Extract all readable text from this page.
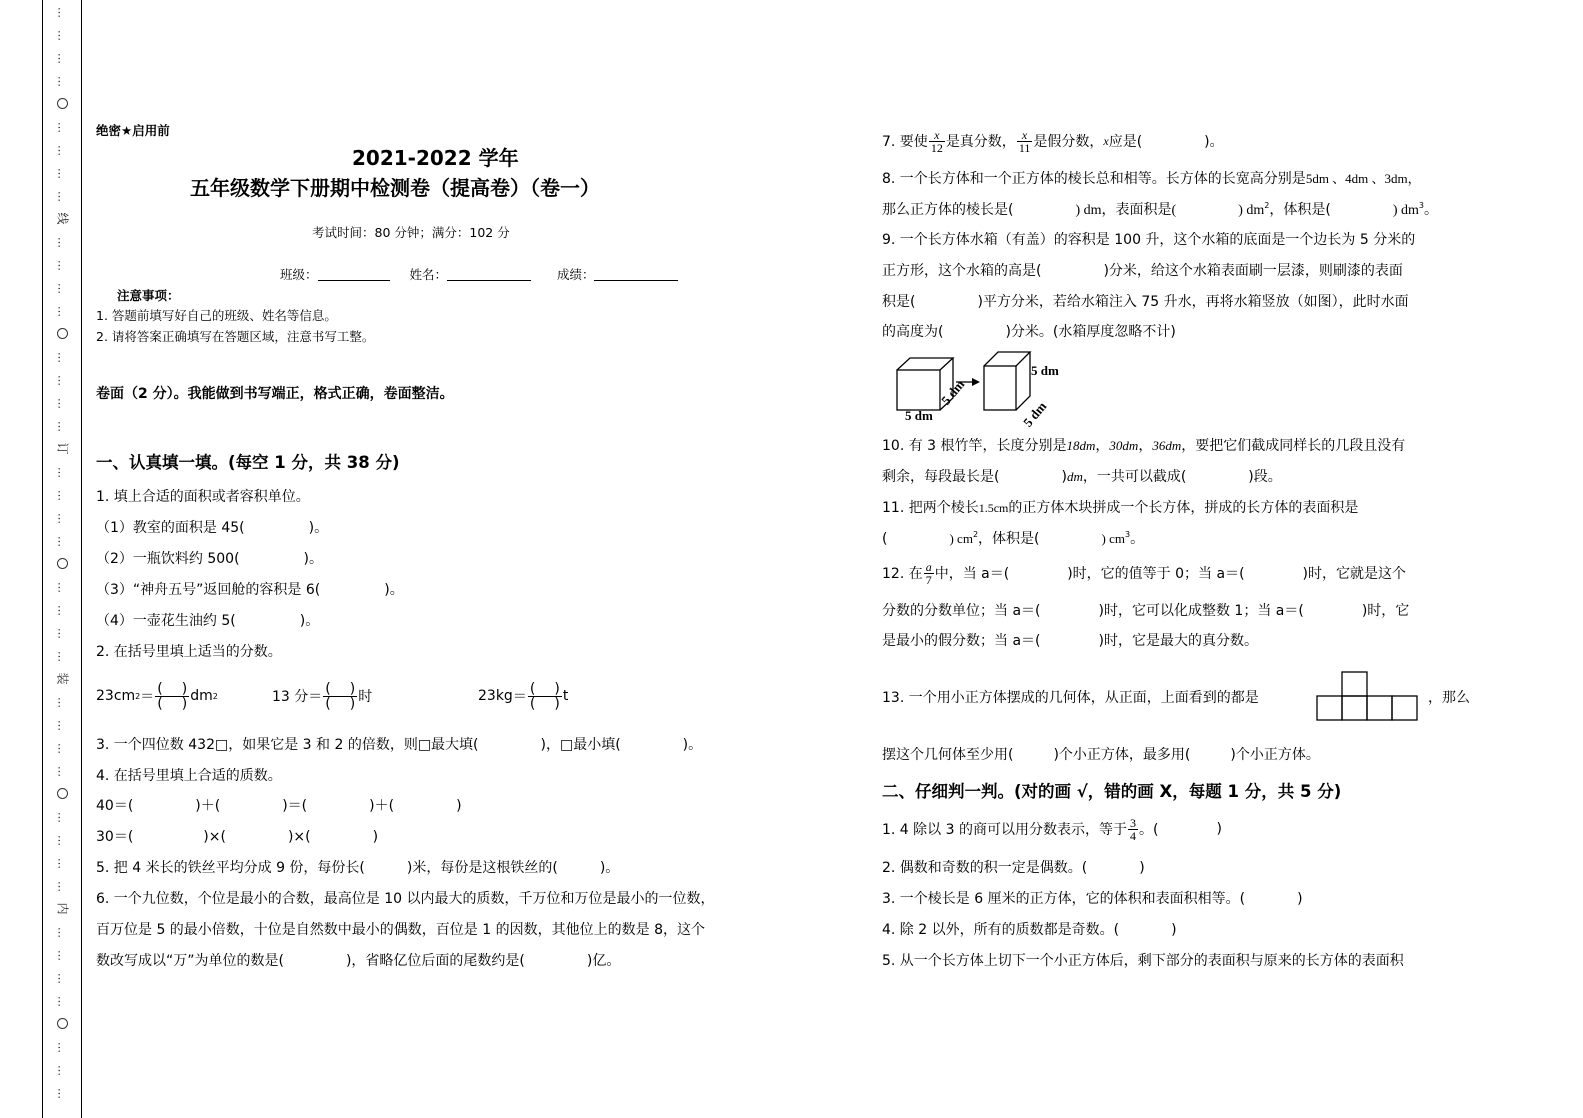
…
…
…
…
…
…
…
…
线
…
…
…
…
…
…
…
…
订
…
…
…
…
…
…
…
…
装
…
…
…
…
…
…
…
…
内
…
…
…
…
…
…
…
绝密★启用前
2021-2022 学年
五年级数学下册期中检测卷（提高卷）（卷一）
考试时间：80 分钟；满分：102 分
班级：	姓名：	成绩：
注意事项：
1. 答题前填写好自己的班级、姓名等信息。
2. 请将答案正确填写在答题区域，注意书写工整。
卷面（2 分）。我能做到书写端正，格式正确，卷面整洁。
一、认真填一填。(每空 1 分，共 38 分)
1. 填上合适的面积或者容积单位。
（1）教室的面积是 45(	)。
（2）一瓶饮料约 500(	)。
（3）“神舟五号”返回舱的容积是 6(	)。
（4）一壶花生油约 5(	)。
2. 在括号里填上适当的分数。
23cm $2 = \frac{( )}{( )}$ dm 2	13 分 ＝ $\frac{( )}{( )}$ 时	$23kg = \frac{( )}{( )}$ t
3. 一个四位数 432□，如果它是 3 和 2 的倍数，则□最大填(	)，□最小填(	)。
4. 在括号里填上合适的质数。
40＝(	)＋(	)＝(	)＋(	)
30＝(	)×(	)×(	)
5. 把 4 米长的铁丝平均分成 9 份，每份长(	)米，每份是这根铁丝的(	)。
6. 一个九位数，个位是最小的合数，最高位是 10 以内最大的质数，千万位和万位是最小的一位数，
百万位是 5 的最小倍数，十位是自然数中最小的偶数，百位是 1 的因数，其他位上的数是 8，这个
数改写成以“万”为单位的数是(	)，省略亿位后面的尾数约是(	)亿。
7. 要使 $\frac{x}{12}$ 是真分数， $\frac{x}{11}$ 是假分数， x 应是(	)。
8. 一个长方体和一个正方体的棱长总和相等。长方体的长宽高分别是5dm 、4dm 、3dm，
那么正方体的棱长是(	) dm，表面积是(	) $dm^2$，体积是(	) $dm^3$。
9. 一个长方体水箱（有盖）的容积是 100 升，这个水箱的底面是一个边长为 5 分米的
正方形，这个水箱的高是(	)分米，给这个水箱表面刷一层漆，则刷漆的表面
积是(	)平方分米，若给水箱注入 75 升水，再将水箱竖放（如图），此时水面
的高度为(	)分米。(水箱厚度忽略不计)
5 dm
5 dm
5 dm
5 dm
10. 有 3 根竹竿，长度分别是18dm，30dm，36dm，要把它们截成同样长的几段且没有
剩余，每段最长是(	)dm，一共可以截成(	)段。
11. 把两个棱长1.5cm的正方体木块拼成一个长方体，拼成的长方体的表面积是
(	) $cm^2$，体积是(	) $cm^3$。
12. 在 $\frac{a}{7}$ 中，当 a＝(	)时，它的值等于 0；当 a＝(	)时，它就是这个
分数的分数单位；当 a＝(	)时，它可以化成整数 1；当 a＝(	)时，它
是最小的假分数；当 a＝(	)时，它是最大的真分数。
13. 一个用小正方体摆成的几何体，从正面，上面看到的都是	，那么
摆这个几何体至少用(	)个小正方体，最多用(	)个小正方体。
二、仔细判一判。(对的画 √，错的画 X，每题 1 分，共 5 分)
1. 4 除以 3 的商可以用分数表示，等于 $\frac{3}{4}$ 。(	)
2. 偶数和奇数的积一定是偶数。(	)
3. 一个棱长是 6 厘米的正方体，它的体积和表面积相等。(	)
4. 除 2 以外，所有的质数都是奇数。(	)
5. 从一个长方体上切下一个小正方体后，剩下部分的表面积与原来的长方体的表面积
